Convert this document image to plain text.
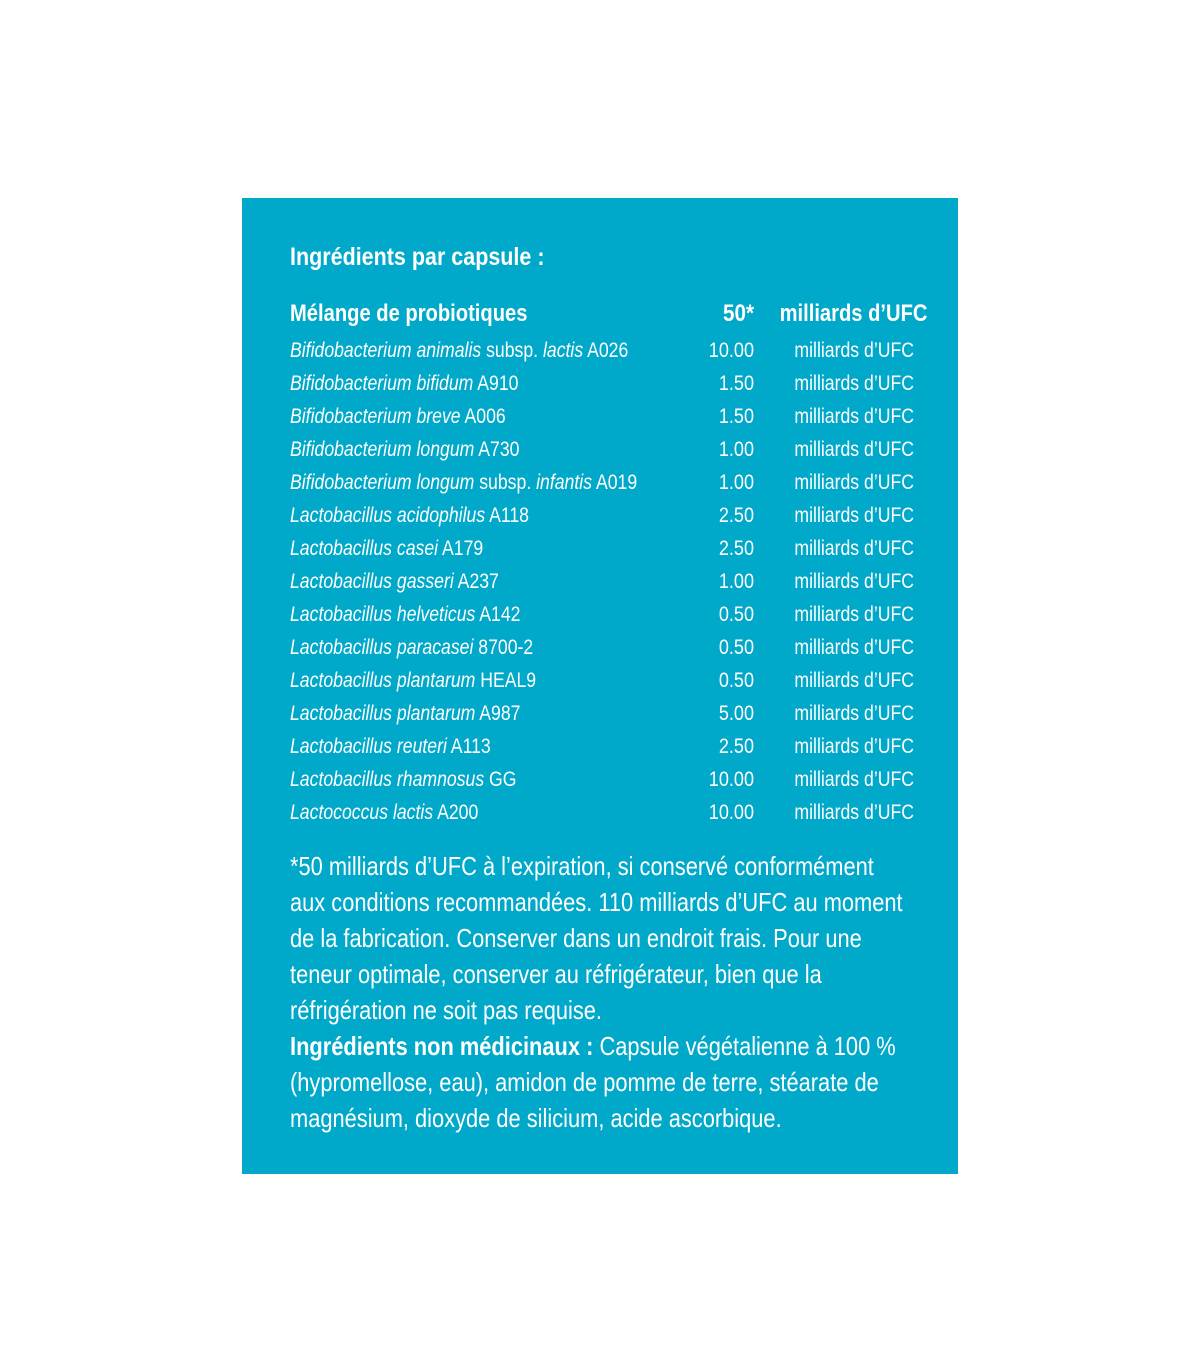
Ingrédients par capsule :
Mélange de probiotiques	50* milliards d’UFC
Bifidobacterium animalis subsp. lactis A026	10.00	milliards d’UFC
Bifidobacterium bifidum A910	1.50	milliards d’UFC
Bifidobacterium breve A006	1.50	milliards d’UFC
Bifidobacterium longum A730	1.00	milliards d’UFC
Bifidobacterium longum subsp. infantis A019	1.00	milliards d’UFC
Lactobacillus acidophilus A118	2.50	milliards d’UFC
Lactobacillus casei A179	2.50	milliards d’UFC
Lactobacillus gasseri A237	1.00	milliards d’UFC
Lactobacillus helveticus A142	0.50	milliards d’UFC
Lactobacillus paracasei 8700-2	0.50	milliards d’UFC
Lactobacillus plantarum HEAL9	0.50	milliards d’UFC
Lactobacillus plantarum A987	5.00	milliards d’UFC
Lactobacillus reuteri A113	2.50	milliards d’UFC
Lactobacillus rhamnosus GG	10.00	milliards d’UFC
Lactococcus lactis A200	10.00	milliards d’UFC

*50 milliards d’UFC à l’expiration, si conservé conformément aux conditions recommandées. 110 milliards d’UFC au moment de la fabrication. Conserver dans un endroit frais. Pour une teneur optimale, conserver au réfrigérateur, bien que la réfrigération ne soit pas requise.

Ingrédients non médicinaux : Capsule végétalienne à 100 % (hypromellose, eau), amidon de pomme de terre, stéarate de magnésium, dioxyde de silicium, acide ascorbique.
